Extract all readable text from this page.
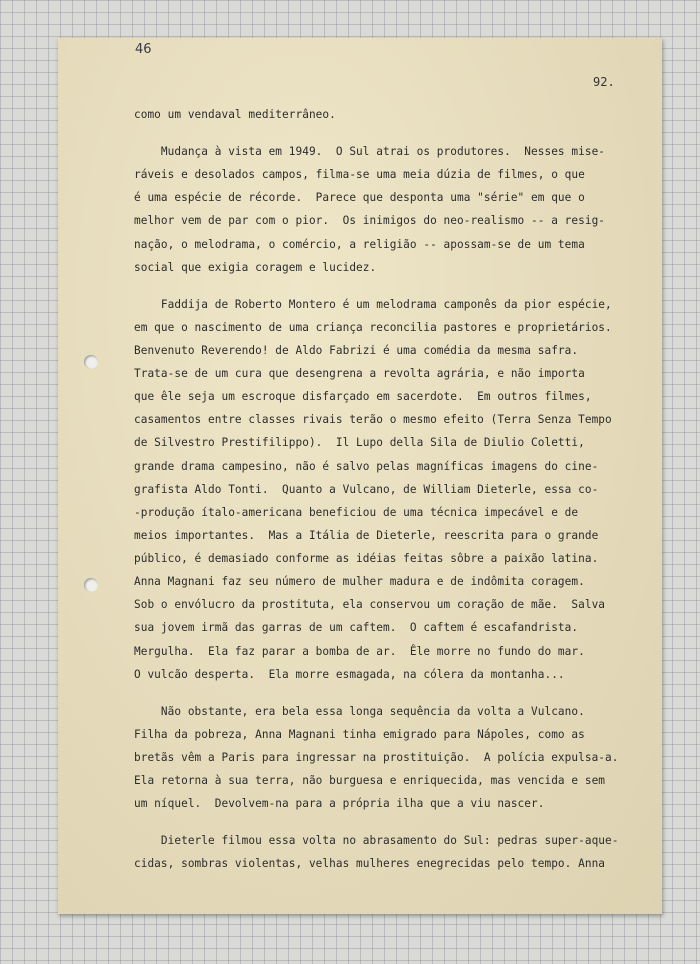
46
92.
como um vendaval mediterrâneo.
Mudança à vista em 1949.  O Sul atrai os produtores.  Nesses mise-
ráveis e desolados campos, filma-se uma meia dúzia de filmes, o que
é uma espécie de récorde.  Parece que desponta uma "série" em que o
melhor vem de par com o pior.  Os inimigos do neo-realismo -- a resig-
nação, o melodrama, o comércio, a religião -- apossam-se de um tema
social que exigia coragem e lucidez.
Faddija de Roberto Montero é um melodrama camponês da pior espécie,
em que o nascimento de uma criança reconcilia pastores e proprietários.
Benvenuto Reverendo! de Aldo Fabrizi é uma comédia da mesma safra.
Trata-se de um cura que desengrena a revolta agrária, e não importa
que êle seja um escroque disfarçado em sacerdote.  Em outros filmes,
casamentos entre classes rivais terão o mesmo efeito (Terra Senza Tempo
de Silvestro Prestifilippo).  Il Lupo della Sila de Diulio Coletti,
grande drama campesino, não é salvo pelas magníficas imagens do cine-
grafista Aldo Tonti.  Quanto a Vulcano, de William Dieterle, essa co-
-produção ítalo-americana beneficiou de uma técnica impecável e de
meios importantes.  Mas a Itália de Dieterle, reescrita para o grande
público, é demasiado conforme as idéias feitas sôbre a paixão latina.
Anna Magnani faz seu número de mulher madura e de indômita coragem.
Sob o envólucro da prostituta, ela conservou um coração de mãe.  Salva
sua jovem irmã das garras de um caftem.  O caftem é escafandrista.
Mergulha.  Ela faz parar a bomba de ar.  Êle morre no fundo do mar.
O vulcão desperta.  Ela morre esmagada, na cólera da montanha...
Não obstante, era bela essa longa sequência da volta a Vulcano.
Filha da pobreza, Anna Magnani tinha emigrado para Nápoles, como as
bretãs vêm a Paris para ingressar na prostituição.  A polícia expulsa-a.
Ela retorna à sua terra, não burguesa e enriquecida, mas vencida e sem
um níquel.  Devolvem-na para a própria ilha que a viu nascer.
Dieterle filmou essa volta no abrasamento do Sul: pedras super-aque-
cidas, sombras violentas, velhas mulheres enegrecidas pelo tempo. Anna
